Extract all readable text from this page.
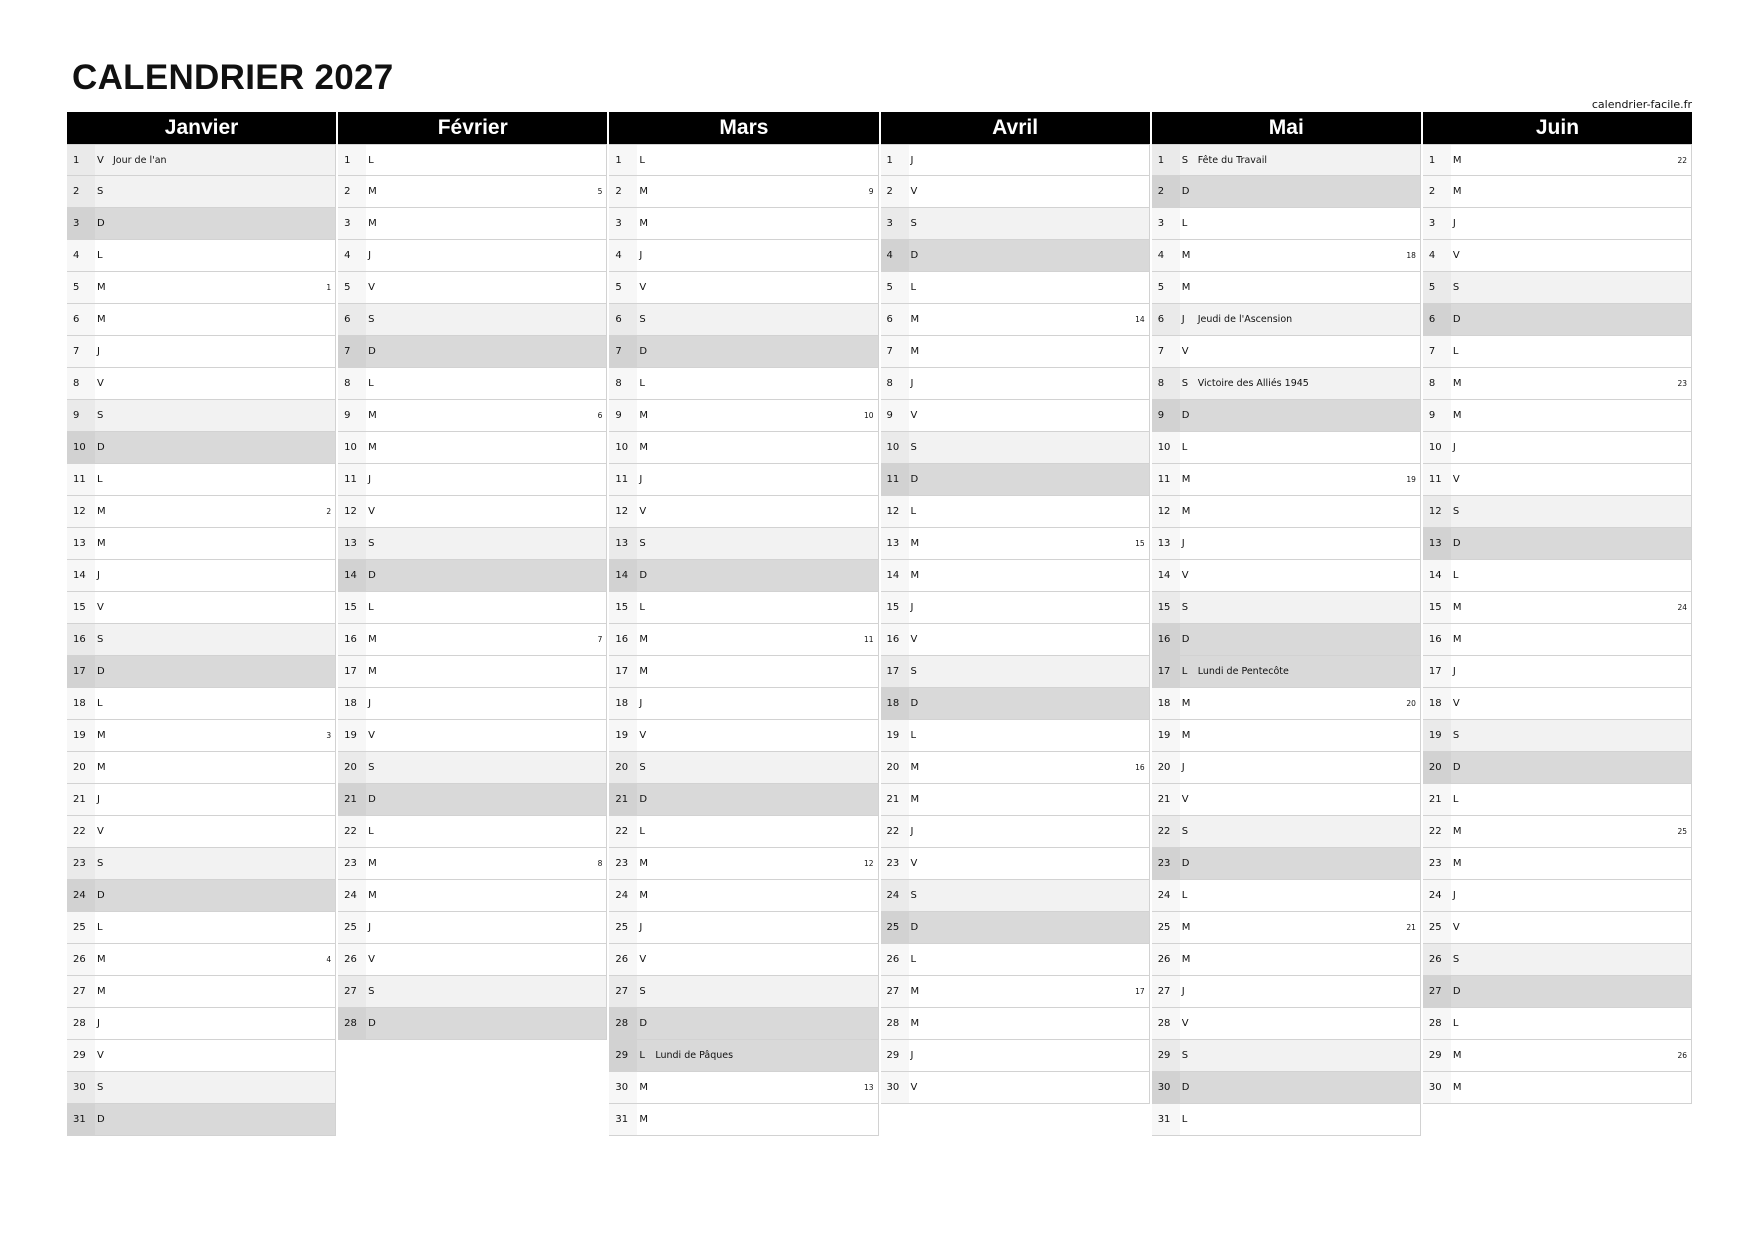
CALENDRIER 2027
calendrier-facile.fr
Janvier
1	V Jour de l'an
2	S
3	D
4	L
5	M	1
6	M
7	J
8	V
9	S
10	D
11	L
12	M	2
13	M
14	J
15	V
16	S
17	D
18	L
19	M	3
20	M
21	J
22	V
23	S
24	D
25	L
26	M	4
27	M
28	J
29	V
30	S
31	D
Février
1	L
2	M	5
3	M
4	J
5	V
6	S
7	D
8	L
9	M	6
10	M
11	J
12	V
13	S
14	D
15	L
16	M	7
17	M
18	J
19	V
20	S
21	D
22	L
23	M	8
24	M
25	J
26	V
27	S
28	D
Mars
1	L
2	M	9
3	M
4	J
5	V
6	S
7	D
8	L
9	M	10
10	M
11	J
12	V
13	S
14	D
15	L
16	M	11
17	M
18	J
19	V
20	S
21	D
22	L
23	M	12
24	M
25	J
26	V
27	S
28	D
29	L	Lundi de Pâques
30	M	13
31	M
Avril
1	J
2	V
3	S
4	D
5	L
6	M	14
7	M
8	J
9	V
10	S
11	D
12	L
13	M	15
14	M
15	J
16	V
17	S
18	D
19	L
20	M	16
21	M
22	J
23	V
24	S
25	D
26	L
27	M	17
28	M
29	J
30	V
Mai
1	S	Fête du Travail
2	D
3	L
4	M	18
5	M
6	J	Jeudi de l'Ascension
7	V
8	S	Victoire des Alliés 1945
9	D
10	L
11	M	19
12	M
13	J
14	V
15	S
16	D
17	L	Lundi de Pentecôte
18	M	20
19	M
20	J
21	V
22	S
23	D
24	L
25	M	21
26	M
27	J
28	V
29	S
30	D
31	L
Juin
1	M	22
2	M
3	J
4	V
5	S
6	D
7	L
8	M	23
9	M
10	J
11	V
12	S
13	D
14	L
15	M	24
16	M
17	J
18	V
19	S
20	D
21	L
22	M	25
23	M
24	J
25	V
26	S
27	D
28	L
29	M	26
30	M
